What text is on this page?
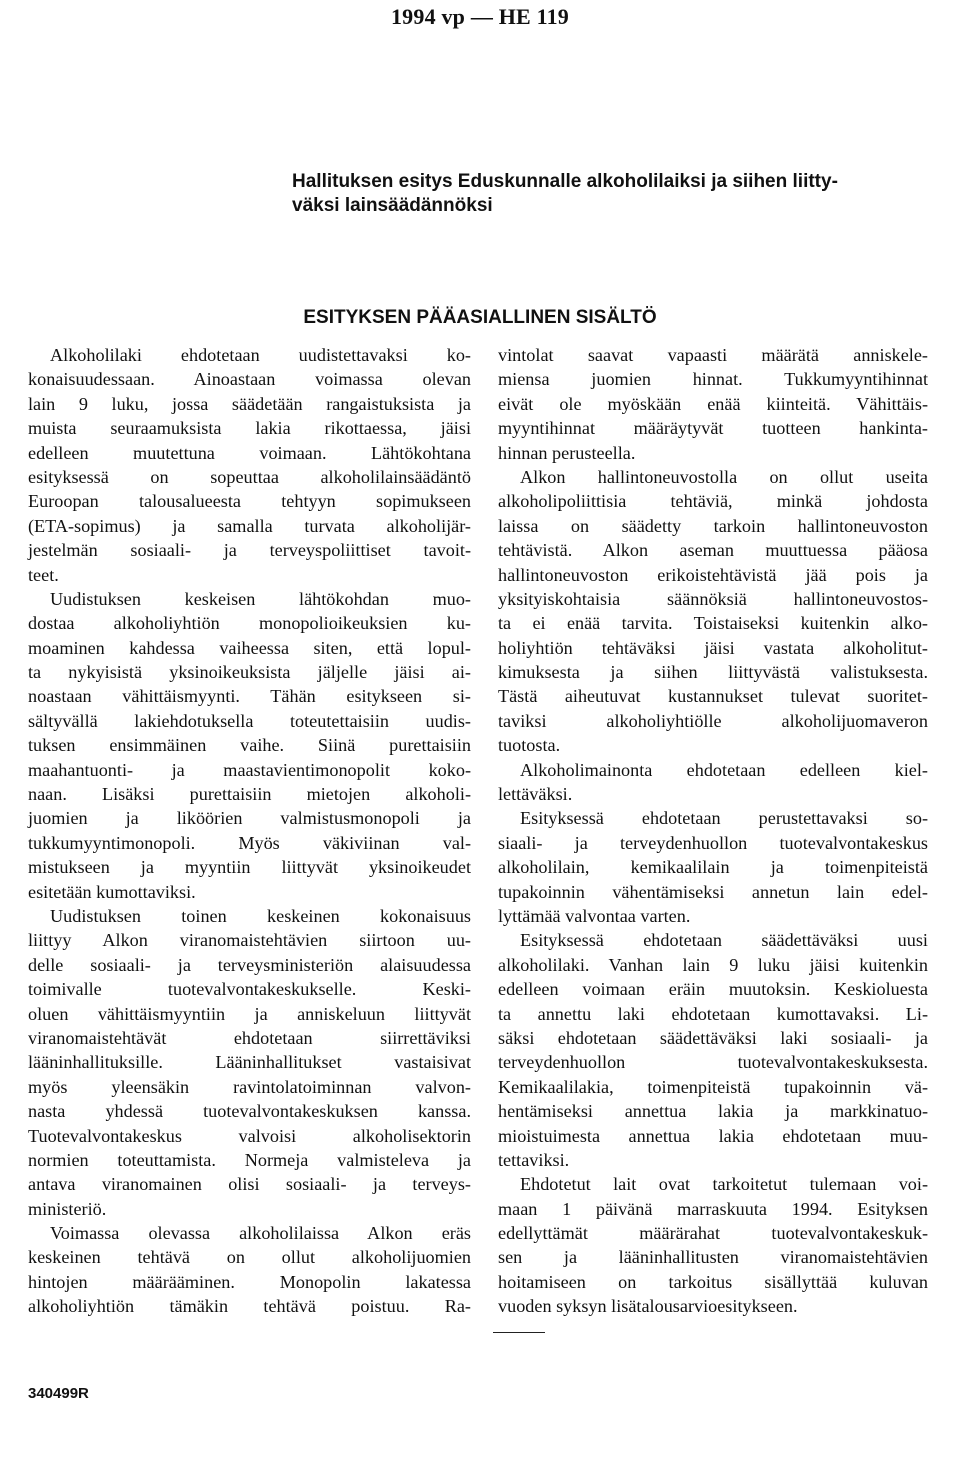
1994 vp — HE 119
Hallituksen esitys Eduskunnalle alkoholilaiksi ja siihen liitty-
väksi lainsäädännöksi
ESITYKSEN PÄÄASIALLINEN SISÄLTÖ
Alkoholilaki ehdotetaan uudistettavaksi ko-
konaisuudessaan. Ainoastaan voimassa olevan
lain 9 luku, jossa säädetään rangaistuksista ja
muista seuraamuksista lakia rikottaessa, jäisi
edelleen muutettuna voimaan. Lähtökohtana
esityksessä on sopeuttaa alkoholilainsäädäntö
Euroopan talousalueesta tehtyyn sopimukseen
(ETA-sopimus) ja samalla turvata alkoholijär-
jestelmän sosiaali- ja terveyspoliittiset tavoit-
teet.
Uudistuksen keskeisen lähtökohdan muo-
dostaa alkoholiyhtiön monopolioikeuksien ku-
moaminen kahdessa vaiheessa siten, että lopul-
ta nykyisistä yksinoikeuksista jäljelle jäisi ai-
noastaan vähittäismyynti. Tähän esitykseen si-
sältyvällä lakiehdotuksella toteutettaisiin uudis-
tuksen ensimmäinen vaihe. Siinä purettaisiin
maahantuonti- ja maastavientimonopolit koko-
naan. Lisäksi purettaisiin mietojen alkoholi-
juomien ja liköörien valmistusmonopoli ja
tukkumyyntimonopoli. Myös väkiviinan val-
mistukseen ja myyntiin liittyvät yksinoikeudet
esitetään kumottaviksi.
Uudistuksen toinen keskeinen kokonaisuus
liittyy Alkon viranomaistehtävien siirtoon uu-
delle sosiaali- ja terveysministeriön alaisuudessa
toimivalle tuotevalvontakeskukselle. Keski-
oluen vähittäismyyntiin ja anniskeluun liittyvät
viranomaistehtävät ehdotetaan siirrettäviksi
lääninhallituksille. Lääninhallitukset vastaisivat
myös yleensäkin ravintolatoiminnan valvon-
nasta yhdessä tuotevalvontakeskuksen kanssa.
Tuotevalvontakeskus valvoisi alkoholisektorin
normien toteuttamista. Normeja valmisteleva ja
antava viranomainen olisi sosiaali- ja terveys-
ministeriö.
Voimassa olevassa alkoholilaissa Alkon eräs
keskeinen tehtävä on ollut alkoholijuomien
hintojen määrääminen. Monopolin lakatessa
alkoholiyhtiön tämäkin tehtävä poistuu. Ra-
vintolat saavat vapaasti määrätä anniskele-
miensa juomien hinnat. Tukkumyyntihinnat
eivät ole myöskään enää kiinteitä. Vähittäis-
myyntihinnat määräytyvät tuotteen hankinta-
hinnan perusteella.
Alkon hallintoneuvostolla on ollut useita
alkoholipoliittisia tehtäviä, minkä johdosta
laissa on säädetty tarkoin hallintoneuvoston
tehtävistä. Alkon aseman muuttuessa pääosa
hallintoneuvoston erikoistehtävistä jää pois ja
yksityiskohtaisia säännöksiä hallintoneuvostos-
ta ei enää tarvita. Toistaiseksi kuitenkin alko-
holiyhtiön tehtäväksi jäisi vastata alkoholitut-
kimuksesta ja siihen liittyvästä valistuksesta.
Tästä aiheutuvat kustannukset tulevat suoritet-
taviksi alkoholiyhtiölle alkoholijuomaveron
tuotosta.
Alkoholimainonta ehdotetaan edelleen kiel-
lettäväksi.
Esityksessä ehdotetaan perustettavaksi so-
siaali- ja terveydenhuollon tuotevalvontakeskus
alkoholilain, kemikaalilain ja toimenpiteistä
tupakoinnin vähentämiseksi annetun lain edel-
lyttämää valvontaa varten.
Esityksessä ehdotetaan säädettäväksi uusi
alkoholilaki. Vanhan lain 9 luku jäisi kuitenkin
edelleen voimaan eräin muutoksin. Keskioluesta
ta annettu laki ehdotetaan kumottavaksi. Li-
säksi ehdotetaan säädettäväksi laki sosiaali- ja
terveydenhuollon tuotevalvontakeskuksesta.
Kemikaalilakia, toimenpiteistä tupakoinnin vä-
hentämiseksi annettua lakia ja markkinatuo-
mioistuimesta annettua lakia ehdotetaan muu-
tettaviksi.
Ehdotetut lait ovat tarkoitetut tulemaan voi-
maan 1 päivänä marraskuuta 1994. Esityksen
edellyttämät määrärahat tuotevalvontakeskuk-
sen ja lääninhallitusten viranomaistehtävien
hoitamiseen on tarkoitus sisällyttää kuluvan
vuoden syksyn lisätalousarvioesitykseen.
340499R
